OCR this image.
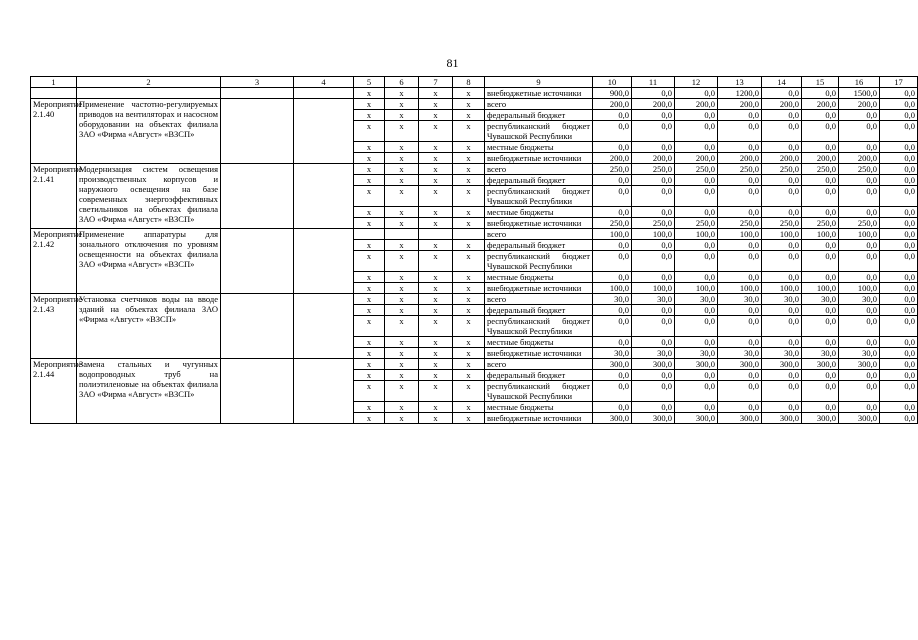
81
1	2	3	4	5	6	7	8	9	10	11	12	13	14	15	16	17
				x	x	x	x	внебюджетные источники	900,0	0,0	0,0	1200,0	0,0	0,0	1500,0	0,0
Мероприятие 2.1.40	Применение частотно-регулируемых приводов на вентиляторах и насосном оборудовании на объектах филиала ЗАО «Фирма «Август» «ВЗСП»			x	x	x	x	всего	200,0	200,0	200,0	200,0	200,0	200,0	200,0	0,0
				x	x	x	x	федеральный бюджет	0,0	0,0	0,0	0,0	0,0	0,0	0,0	0,0
				x	x	x	x	республиканский бюджет Чувашской Республики	0,0	0,0	0,0	0,0	0,0	0,0	0,0	0,0
				x	x	x	x	местные бюджеты	0,0	0,0	0,0	0,0	0,0	0,0	0,0	0,0
				x	x	x	x	внебюджетные источники	200,0	200,0	200,0	200,0	200,0	200,0	200,0	0,0
Мероприятие 2.1.41	Модернизация систем освещения производственных корпусов и наружного освещения на базе современных энергоэффективных светильников на объектах филиала ЗАО «Фирма «Август» «ВЗСП»			x	x	x	x	всего	250,0	250,0	250,0	250,0	250,0	250,0	250,0	0,0
				x	x	x	x	федеральный бюджет	0,0	0,0	0,0	0,0	0,0	0,0	0,0	0,0
				x	x	x	x	республиканский бюджет Чувашской Республики	0,0	0,0	0,0	0,0	0,0	0,0	0,0	0,0
				x	x	x	x	местные бюджеты	0,0	0,0	0,0	0,0	0,0	0,0	0,0	0,0
				x	x	x	x	внебюджетные источники	250,0	250,0	250,0	250,0	250,0	250,0	250,0	0,0
Мероприятие 2.1.42	Применение аппаратуры для зонального отключения по уровням освещенности на объектах филиала ЗАО «Фирма «Август» «ВЗСП»							всего	100,0	100,0	100,0	100,0	100,0	100,0	100,0	0,0
				x	x	x	x	федеральный бюджет	0,0	0,0	0,0	0,0	0,0	0,0	0,0	0,0
				x	x	x	x	республиканский бюджет Чувашской Республики	0,0	0,0	0,0	0,0	0,0	0,0	0,0	0,0
				x	x	x	x	местные бюджеты	0,0	0,0	0,0	0,0	0,0	0,0	0,0	0,0
				x	x	x	x	внебюджетные источники	100,0	100,0	100,0	100,0	100,0	100,0	100,0	0,0
Мероприятие 2.1.43	Установка счетчиков воды на вводе зданий на объектах филиала ЗАО «Фирма «Август» «ВЗСП»			x	x	x	x	всего	30,0	30,0	30,0	30,0	30,0	30,0	30,0	0,0
				x	x	x	x	федеральный бюджет	0,0	0,0	0,0	0,0	0,0	0,0	0,0	0,0
				x	x	x	x	республиканский бюджет Чувашской Республики	0,0	0,0	0,0	0,0	0,0	0,0	0,0	0,0
				x	x	x	x	местные бюджеты	0,0	0,0	0,0	0,0	0,0	0,0	0,0	0,0
				x	x	x	x	внебюджетные источники	30,0	30,0	30,0	30,0	30,0	30,0	30,0	0,0
Мероприятие 2.1.44	Замена стальных и чугунных водопроводных труб на полиэтиленовые на объектах филиала ЗАО «Фирма «Август» «ВЗСП»			x	x	x	x	всего	300,0	300,0	300,0	300,0	300,0	300,0	300,0	0,0
				x	x	x	x	федеральный бюджет	0,0	0,0	0,0	0,0	0,0	0,0	0,0	0,0
				x	x	x	x	республиканский бюджет Чувашской Республики	0,0	0,0	0,0	0,0	0,0	0,0	0,0	0,0
				x	x	x	x	местные бюджеты	0,0	0,0	0,0	0,0	0,0	0,0	0,0	0,0
				x	x	x	x	внебюджетные источники	300,0	300,0	300,0	300,0	300,0	300,0	300,0	0,0
